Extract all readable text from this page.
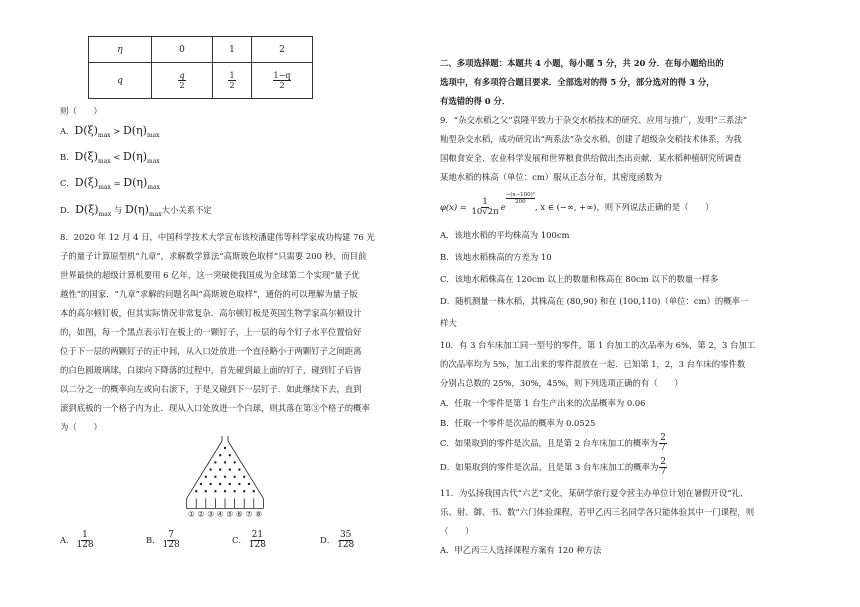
η	0	1	2
q	$\frac{q}{2}$	$\frac{1}{2}$	$\frac{1-q}{2}$
则（　　）
A．$D(\xi)_{max} > D(\eta)_{max}$
B．$D(\xi)_{max} < D(\eta)_{max}$
C．$D(\xi)_{max} = D(\eta)_{max}$
D．$D(\xi)_{max}$ 与 $D(\eta)_{max}$大小关系不定
8．2020 年 12 月 4 日，中国科学技术大学宣布该校潘建伟等科学家成功构建 76 光
子的量子计算原型机“九章”，求解数学算法“高斯玻色取样”只需要 200 秒，而目前
世界最快的超级计算机要用 6 亿年，这一突破使我国成为全球第二个实现“量子优
越性”的国家．“九章”求解的问题名叫“高斯玻色取样”，通俗的可以理解为量子版
本的高尔顿钉板，但其实际情况非常复杂．高尔顿钉板是英国生物学家高尔顿设计
的，如图，每一个黑点表示钉在板上的一颗钉子，上一层的每个钉子水平位置恰好
位于下一层的两颗钉子的正中间，从入口处放进一个直径略小于两颗钉子之间距离
的白色圆玻璃球，白球向下降落的过程中，首先碰到最上面的钉子，碰到钉子后皆
以二分之一的概率向左或向右滚下，于是又碰到下一层钉子．如此继续下去，直到
滚到底板的一个格子内为止．现从入口处放进一个白球，则其落在第③个格子的概率
为（　　）
① ② ③ ④ ⑤ ⑥ ⑦ ⑧
A． $\frac{1}{128}$	B． $\frac{7}{128}$	C． $\frac{21}{128}$	D． $\frac{35}{128}$
二、多项选择题：本题共 4 小题，每小题 5 分，共 20 分．在每小题给出的
选项中，有多项符合题目要求．全部选对的得 5 分，部分选对的得 3 分，
有选错的得 0 分．
9．“杂交水稻之父”袁隆平致力于杂交水稻技术的研究、应用与推广，发明“三系法”
籼型杂交水稻，成功研究出“两系法”杂交水稻，创建了超级杂交稻技术体系，为我
国粮食安全、农业科学发展和世界粮食供给做出杰出贡献．某水稻种植研究所调查
某地水稻的株高（单位：cm）服从正态分布，其密度函数为
$\varphi(x) = \frac{1}{10√2\pi}$ e
$\frac{\text{−(x−100)²}}{200}$
, x ∈ (−∞, +∞)，则下列说法正确的是（　　）
A．该地水稻的平均株高为 100cm
B．该地水稻株高的方差为 10
C．该地水稻株高在 120cm 以上的数量和株高在 80cm 以下的数量一样多
D．随机测量一株水稻，其株高在 (80,90) 和在 (100,110)（单位：cm）的概率一
样大
10．有 3 台车床加工同一型号的零件，第 1 台加工的次品率为 6%，第 2，3 台加工
的次品率均为 5%，加工出来的零件混放在一起．已知第 1，2，3 台车床的零件数
分别占总数的 25%，30%，45%，则下列选项正确的有（　　）
A．任取一个零件是第 1 台生产出来的次品概率为 0.06
B．任取一个零件是次品的概率为 0.0525
C．如果取到的零件是次品，且是第 2 台车床加工的概率为 $\frac{2}{7}$
D．如果取到的零件是次品，且是第 3 台车床加工的概率为 $\frac{2}{7}$
11．为弘扬我国古代“六艺”文化，某研学旅行夏令营主办单位计划在暑假开设“礼、
乐、射、御、书、数”六门体验课程，若甲乙丙三名同学各只能体验其中一门课程，则
（　　）
A．甲乙丙三人选择课程方案有 120 种方法
